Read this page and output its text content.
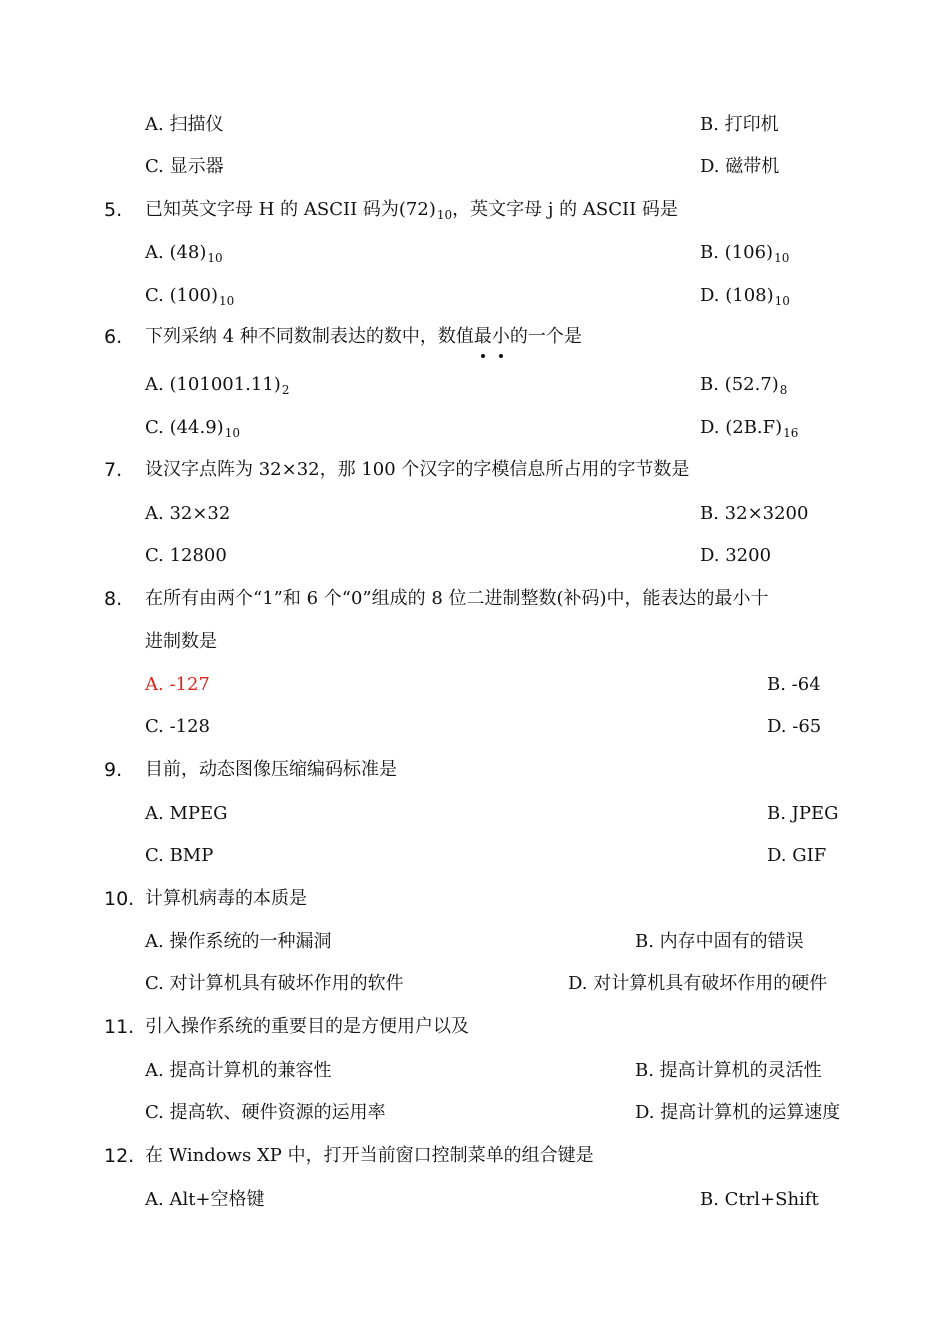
A. 扫描仪	B. 打印机
C. 显示器	D. 磁带机
5. 已知英文字母 H 的 ASCII 码为$(72)_{10}$，英文字母 j 的 ASCII 码是
A. $(48)_{10}$	B. $(106)_{10}$
C. $(100)_{10}$	D. $(108)_{10}$
6. 下列采纳 4 种不同数制表达的数中，数值最小的一个是
A. $(101001.11)_2$	B. $(52.7)_8$
C. $(44.9)_{10}$	D. $(2B.F)_{16}$
7. 设汉字点阵为 32×32，那 100 个汉字的字模信息所占用的字节数是
A. 32×32	B. 32×3200
C. 12800	D. 3200
8. 在所有由两个“1”和 6 个“0”组成的 8 位二进制整数(补码)中，能表达的最小十
进制数是
A. -127	B. -64
C. -128	D. -65
9. 目前，动态图像压缩编码标准是
A. MPEG	B. JPEG
C. BMP	D. GIF
10. 计算机病毒的本质是
A. 操作系统的一种漏洞	B. 内存中固有的错误
C. 对计算机具有破坏作用的软件	D. 对计算机具有破坏作用的硬件
11. 引入操作系统的重要目的是方便用户以及
A. 提高计算机的兼容性	B. 提高计算机的灵活性
C. 提高软、硬件资源的运用率	D. 提高计算机的运算速度
12. 在 Windows XP 中，打开当前窗口控制菜单的组合键是
A. Alt+空格键	B. Ctrl+Shift
